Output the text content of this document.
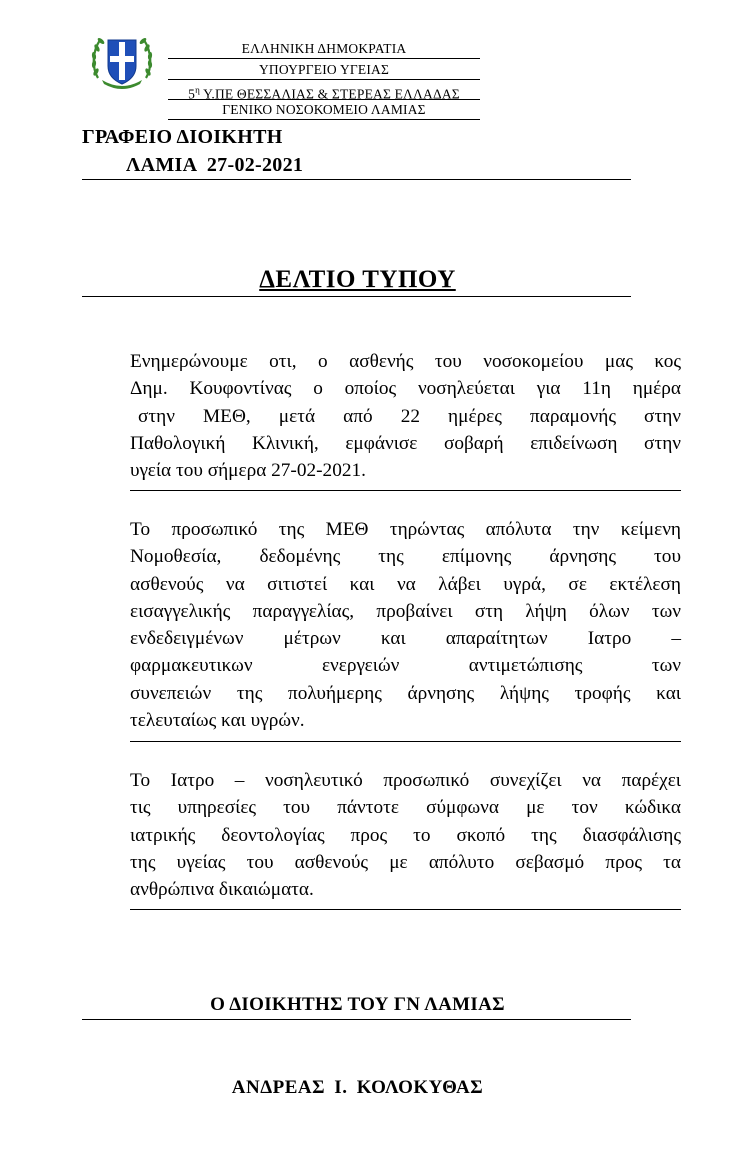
ΕΛΛΗΝΙΚΗ ΔΗΜΟΚΡΑΤΙΑ
ΥΠΟΥΡΓΕΙΟ ΥΓΕΙΑΣ
$5^\eta$ Υ.ΠΕ ΘΕΣΣΑΛΙΑΣ & ΣΤΕΡΕΑΣ ΕΛΛΑΔΑΣ
ΓΕΝΙΚΟ ΝΟΣΟΚΟΜΕΙΟ ΛΑΜΙΑΣ
ΓΡΑΦΕΙΟ ΔΙΟΙΚΗΤΗ
ΛΑΜΙΑ  27-02-2021
ΔΕΛΤΙΟ ΤΥΠΟΥ
Ενημερώνουμε οτι, ο ασθενής του νοσοκομείου μας κος
Δημ. Κουφοντίνας ο οποίος νοσηλεύεται για 11η ημέρα
στην ΜΕΘ, μετά από 22 ημέρες παραμονής στην
Παθολογική Κλινική, εμφάνισε σοβαρή επιδείνωση στην
υγεία του σήμερα 27-02-2021.
Το προσωπικό της ΜΕΘ τηρώντας απόλυτα την κείμενη
Νομοθεσία, δεδομένης της επίμονης άρνησης του
ασθενούς να σιτιστεί και να λάβει υγρά, σε εκτέλεση
εισαγγελικής παραγγελίας, προβαίνει στη λήψη όλων των
ενδεδειγμένων μέτρων και απαραίτητων Ιατρο –
φαρμακευτικων ενεργειών αντιμετώπισης των
συνεπειών της πολυήμερης άρνησης λήψης τροφής και
τελευταίως και υγρών.
Το Ιατρο – νοσηλευτικό προσωπικό συνεχίζει να παρέχει
τις υπηρεσίες του πάντοτε σύμφωνα με τον κώδικα
ιατρικής δεοντολογίας προς το σκοπό της διασφάλισης
της υγείας του ασθενούς με απόλυτο σεβασμό προς τα
ανθρώπινα δικαιώματα.
Ο ΔΙΟΙΚΗΤΗΣ ΤΟΥ ΓΝ ΛΑΜΙΑΣ
ΑΝΔΡΕΑΣ Ι. ΚΟΛΟΚΥΘΑΣ
